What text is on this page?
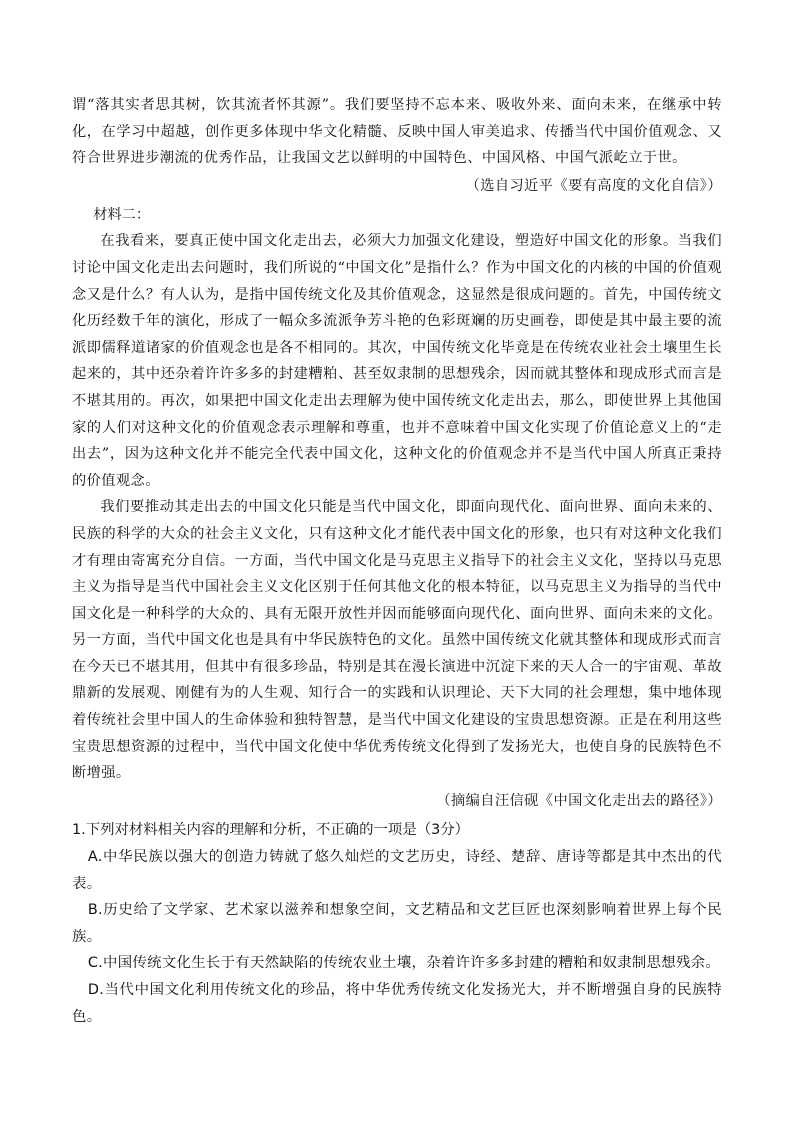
谓“落其实者思其树，饮其流者怀其源”。我们要坚持不忘本来、吸收外来、面向未来，在继承中转化，在学习中超越，创作更多体现中华文化精髓、反映中国人审美追求、传播当代中国价值观念、又符合世界进步潮流的优秀作品，让我国文艺以鲜明的中国特色、中国风格、中国气派屹立于世。

（选自习近平《要有高度的文化自信》）

材料二：

在我看来，要真正使中国文化走出去，必须大力加强文化建设，塑造好中国文化的形象。当我们讨论中国文化走出去问题时，我们所说的“中国文化”是指什么？作为中国文化的内核的中国的价值观念又是什么？有人认为，是指中国传统文化及其价值观念，这显然是很成问题的。首先，中国传统文化历经数千年的演化，形成了一幅众多流派争芳斗艳的色彩斑斓的历史画卷，即使是其中最主要的流派即儒释道诸家的价值观念也是各不相同的。其次，中国传统文化毕竟是在传统农业社会土壤里生长起来的，其中还杂着许许多多的封建糟粕、甚至奴隶制的思想残余，因而就其整体和现成形式而言是不堪其用的。再次，如果把中国文化走出去理解为使中国传统文化走出去，那么，即使世界上其他国家的人们对这种文化的价值观念表示理解和尊重，也并不意味着中国文化实现了价值论意义上的“走出去”，因为这种文化并不能完全代表中国文化，这种文化的价值观念并不是当代中国人所真正秉持的价值观念。

我们要推动其走出去的中国文化只能是当代中国文化，即面向现代化、面向世界、面向未来的、民族的科学的大众的社会主义文化，只有这种文化才能代表中国文化的形象，也只有对这种文化我们才有理由寄寓充分自信。一方面，当代中国文化是马克思主义指导下的社会主义文化，坚持以马克思主义为指导是当代中国社会主义文化区别于任何其他文化的根本特征，以马克思主义为指导的当代中国文化是一种科学的大众的、具有无限开放性并因而能够面向现代化、面向世界、面向未来的文化。另一方面，当代中国文化也是具有中华民族特色的文化。虽然中国传统文化就其整体和现成形式而言在今天已不堪其用，但其中有很多珍品，特别是其在漫长演进中沉淀下来的天人合一的宇宙观、革故鼎新的发展观、刚健有为的人生观、知行合一的实践和认识理论、天下大同的社会理想，集中地体现着传统社会里中国人的生命体验和独特智慧，是当代中国文化建设的宝贵思想资源。正是在利用这些宝贵思想资源的过程中，当代中国文化使中华优秀传统文化得到了发扬光大，也使自身的民族特色不断增强。

（摘编自汪信砚《中国文化走出去的路径》）

1.下列对材料相关内容的理解和分析，不正确的一项是（3分）

A.中华民族以强大的创造力铸就了悠久灿烂的文艺历史，诗经、楚辞、唐诗等都是其中杰出的代表。

B.历史给了文学家、艺术家以滋养和想象空间，文艺精品和文艺巨匠也深刻影响着世界上每个民族。

C.中国传统文化生长于有天然缺陷的传统农业土壤，杂着许许多多封建的糟粕和奴隶制思想残余。

D.当代中国文化利用传统文化的珍品，将中华优秀传统文化发扬光大，并不断增强自身的民族特色。
